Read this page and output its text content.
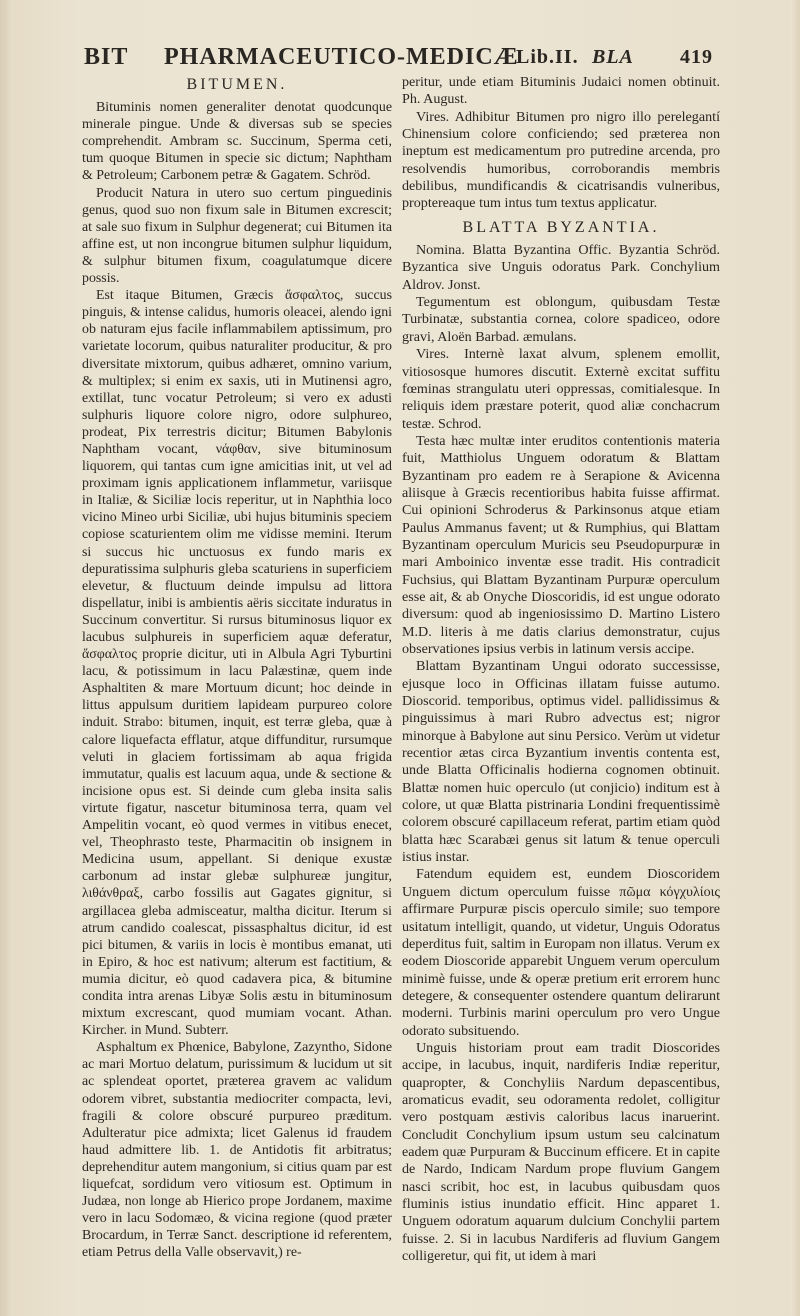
BIT PHARMACEUTICO-MEDICÆ
Lib.II. BLA 419
BITUMEN.

Bituminis nomen generaliter denotat quodcunque minerale pingue. Unde & diversas sub se species comprehendit. Ambram sc. Succinum, Sperma ceti, tum quoque Bitumen in specie sic dictum; Naphtham & Petroleum; Carbonem petræ & Gagatem. Schröd.

Producit Natura in utero suo certum pinguedinis genus, quod suo non fixum sale in Bitumen excrescit; at sale suo fixum in Sulphur degenerat; cui Bitumen ita affine est, ut non incongrue bitumen sulphur liquidum, & sulphur bitumen fixum, coagulatumque dicere possis.

Est itaque Bitumen, Græcis ἄσφαλτος, succus pinguis, & intense calidus, humoris oleacei, alendo igni ob naturam ejus facile inflammabilem aptissimum, pro varietate locorum, quibus naturaliter producitur, & pro diversitate mixtorum, quibus adhæret, omnino varium, & multiplex; si enim ex saxis, uti in Mutinensi agro, extillat, tunc vocatur Petroleum; si vero ex adusti sulphuris liquore colore nigro, odore sulphureo, prodeat, Pix terrestris dicitur; Bitumen Babylonis Naphtham vocant, νάφθαν, sive bituminosum liquorem, qui tantas cum igne amicitias init, ut vel ad proximam ignis applicationem inflammetur, variisque in Italiæ, & Siciliæ locis reperitur, ut in Naphthia loco vicino Mineo urbi Siciliæ, ubi hujus bituminis speciem copiose scaturientem olim me vidisse memini. Iterum si succus hic unctuosus ex fundo maris ex depuratissima sulphuris gleba scaturiens in superficiem elevetur, & fluctuum deinde impulsu ad littora dispellatur, inibi is ambientis aëris siccitate induratus in Succinum convertitur. Si rursus bituminosus liquor ex lacubus sulphureis in superficiem aquæ deferatur, ἄσφαλτος proprie dicitur, uti in Albula Agri Tyburtini lacu, & potissimum in lacu Palæstinæ, quem inde Asphaltiten & mare Mortuum dicunt; hoc deinde in littus appulsum duritiem lapideam purpureo colore induit. Strabo: bitumen, inquit, est terræ gleba, quæ à calore liquefacta efflatur, atque diffunditur, rursumque veluti in glaciem fortissimam ab aqua frigida immutatur, qualis est lacuum aqua, unde & sectione & incisione opus est. Si deinde cum gleba insita salis virtute figatur, nascetur bituminosa terra, quam vel Ampelitin vocant, eò quod vermes in vitibus enecet, vel, Theophrasto teste, Pharmacitin ob insignem in Medicina usum, appellant. Si denique exustæ carbonum ad instar glebæ sulphureæ jungitur, λιθάνθραξ, carbo fossilis aut Gagates gignitur, si argillacea gleba admisceatur, maltha dicitur. Iterum si atrum candido coalescat, pissasphaltus dicitur, id est pici bitumen, & variis in locis è montibus emanat, uti in Epiro, & hoc est nativum; alterum est factitium, & mumia dicitur, eò quod cadavera pica, & bitumine condita intra arenas Libyæ Solis æstu in bituminosum mixtum excrescant, quod mumiam vocant. Athan. Kircher. in Mund. Subterr.

Asphaltum ex Phœnice, Babylone, Zazyntho, Sidone ac mari Mortuo delatum, purissimum & lucidum ut sit ac splendeat oportet, præterea gravem ac validum odorem vibret, substantia mediocriter compacta, levi, fragili & colore obscuré purpureo præditum. Adulteratur pice admixta; licet Galenus id fraudem haud admittere lib. 1. de Antidotis fit arbitratus; deprehenditur autem mangonium, si citius quam par est liquefcat, sordidum vero vitiosum est. Optimum in Judæa, non longe ab Hierico prope Jordanem, maxime vero in lacu Sodomæo, & vicina regione (quod præter Brocardum, in Terræ Sanct. descriptione id referentem, etiam Petrus della Valle observavit,) re-

peritur, unde etiam Bituminis Judaici nomen obtinuit. Ph. August.

Vires. Adhibitur Bitumen pro nigro illo perelegantí Chinensium colore conficiendo; sed præterea non ineptum est medicamentum pro putredine arcenda, pro resolvendis humoribus, corroborandis membris debilibus, mundificandis & cicatrisandis vulneribus, proptereaque tum intus tum textus applicatur.

BLATTA BYZANTIA.

Nomina. Blatta Byzantina Offic. Byzantia Schröd. Byzantica sive Unguis odoratus Park. Conchylium Aldrov. Jonst.

Tegumentum est oblongum, quibusdam Testæ Turbinatæ, substantia cornea, colore spadiceo, odore gravi, Aloën Barbad. æmulans.

Vires. Internè laxat alvum, splenem emollit, vitiososque humores discutit. Externè excitat suffitu fœminas strangulatu uteri oppressas, comitialesque. In reliquis idem præstare poterit, quod aliæ conchacrum testæ. Schrod.

Testa hæc multæ inter eruditos contentionis materia fuit, Matthiolus Unguem odoratum & Blattam Byzantinam pro eadem re à Serapione & Avicenna aliisque à Græcis recentioribus habita fuisse affirmat. Cui opinioni Schroderus & Parkinsonus atque etiam Paulus Ammanus favent; ut & Rumphius, qui Blattam Byzantinam operculum Muricis seu Pseudopurpuræ in mari Amboinico inventæ esse tradit. His contradicit Fuchsius, qui Blattam Byzantinam Purpuræ operculum esse ait, & ab Onyche Dioscoridis, id est ungue odorato diversum: quod ab ingeniosissimo D. Martino Listero M.D. literis à me datis clarius demonstratur, cujus observationes ipsius verbis in latinum versis accipe.

Blattam Byzantinam Ungui odorato successisse, ejusque loco in Officinas illatam fuisse autumo. Dioscorid. temporibus, optimus videl. pallidissimus & pinguissimus à mari Rubro advectus est; nigror minorque à Babylone aut sinu Persico. Verùm ut videtur recentior ætas circa Byzantium inventis contenta est, unde Blatta Officinalis hodierna cognomen obtinuit. Blattæ nomen huic operculo (ut conjicio) inditum est à colore, ut quæ Blatta pistrinaria Londini frequentissimè colorem obscuré capillaceum referat, partim etiam quòd blatta hæc Scarabæi genus sit latum & tenue operculi istius instar.

Fatendum equidem est, eundem Dioscoridem Unguem dictum operculum fuisse πῶμα κόγχυλίοις affirmare Purpuræ piscis operculo simile; suo tempore usitatum intelligit, quando, ut videtur, Unguis Odoratus deperditus fuit, saltim in Europam non illatus. Verum ex eodem Dioscoride apparebit Unguem verum operculum minimè fuisse, unde & operæ pretium erit errorem hunc detegere, & consequenter ostendere quantum delirarunt moderni. Turbinis marini operculum pro vero Ungue odorato subsituendo.

Unguis historiam prout eam tradit Dioscorides accipe, in lacubus, inquit, nardiferis Indiæ reperitur, quapropter, & Conchyliis Nardum depascentibus, aromaticus evadit, seu odoramenta redolet, colligitur vero postquam æstivis caloribus lacus inaruerint. Concludit Conchylium ipsum ustum seu calcinatum eadem quæ Purpuram & Buccinum efficere. Et in capite de Nardo, Indicam Nardum prope fluvium Gangem nasci scribit, hoc est, in lacubus quibusdam quos fluminis istius inundatio efficit. Hinc apparet 1. Unguem odoratum aquarum dulcium Conchylii partem fuisse. 2. Si in lacubus Nardiferis ad fluvium Gangem colligeretur, qui fit, ut idem à mari
